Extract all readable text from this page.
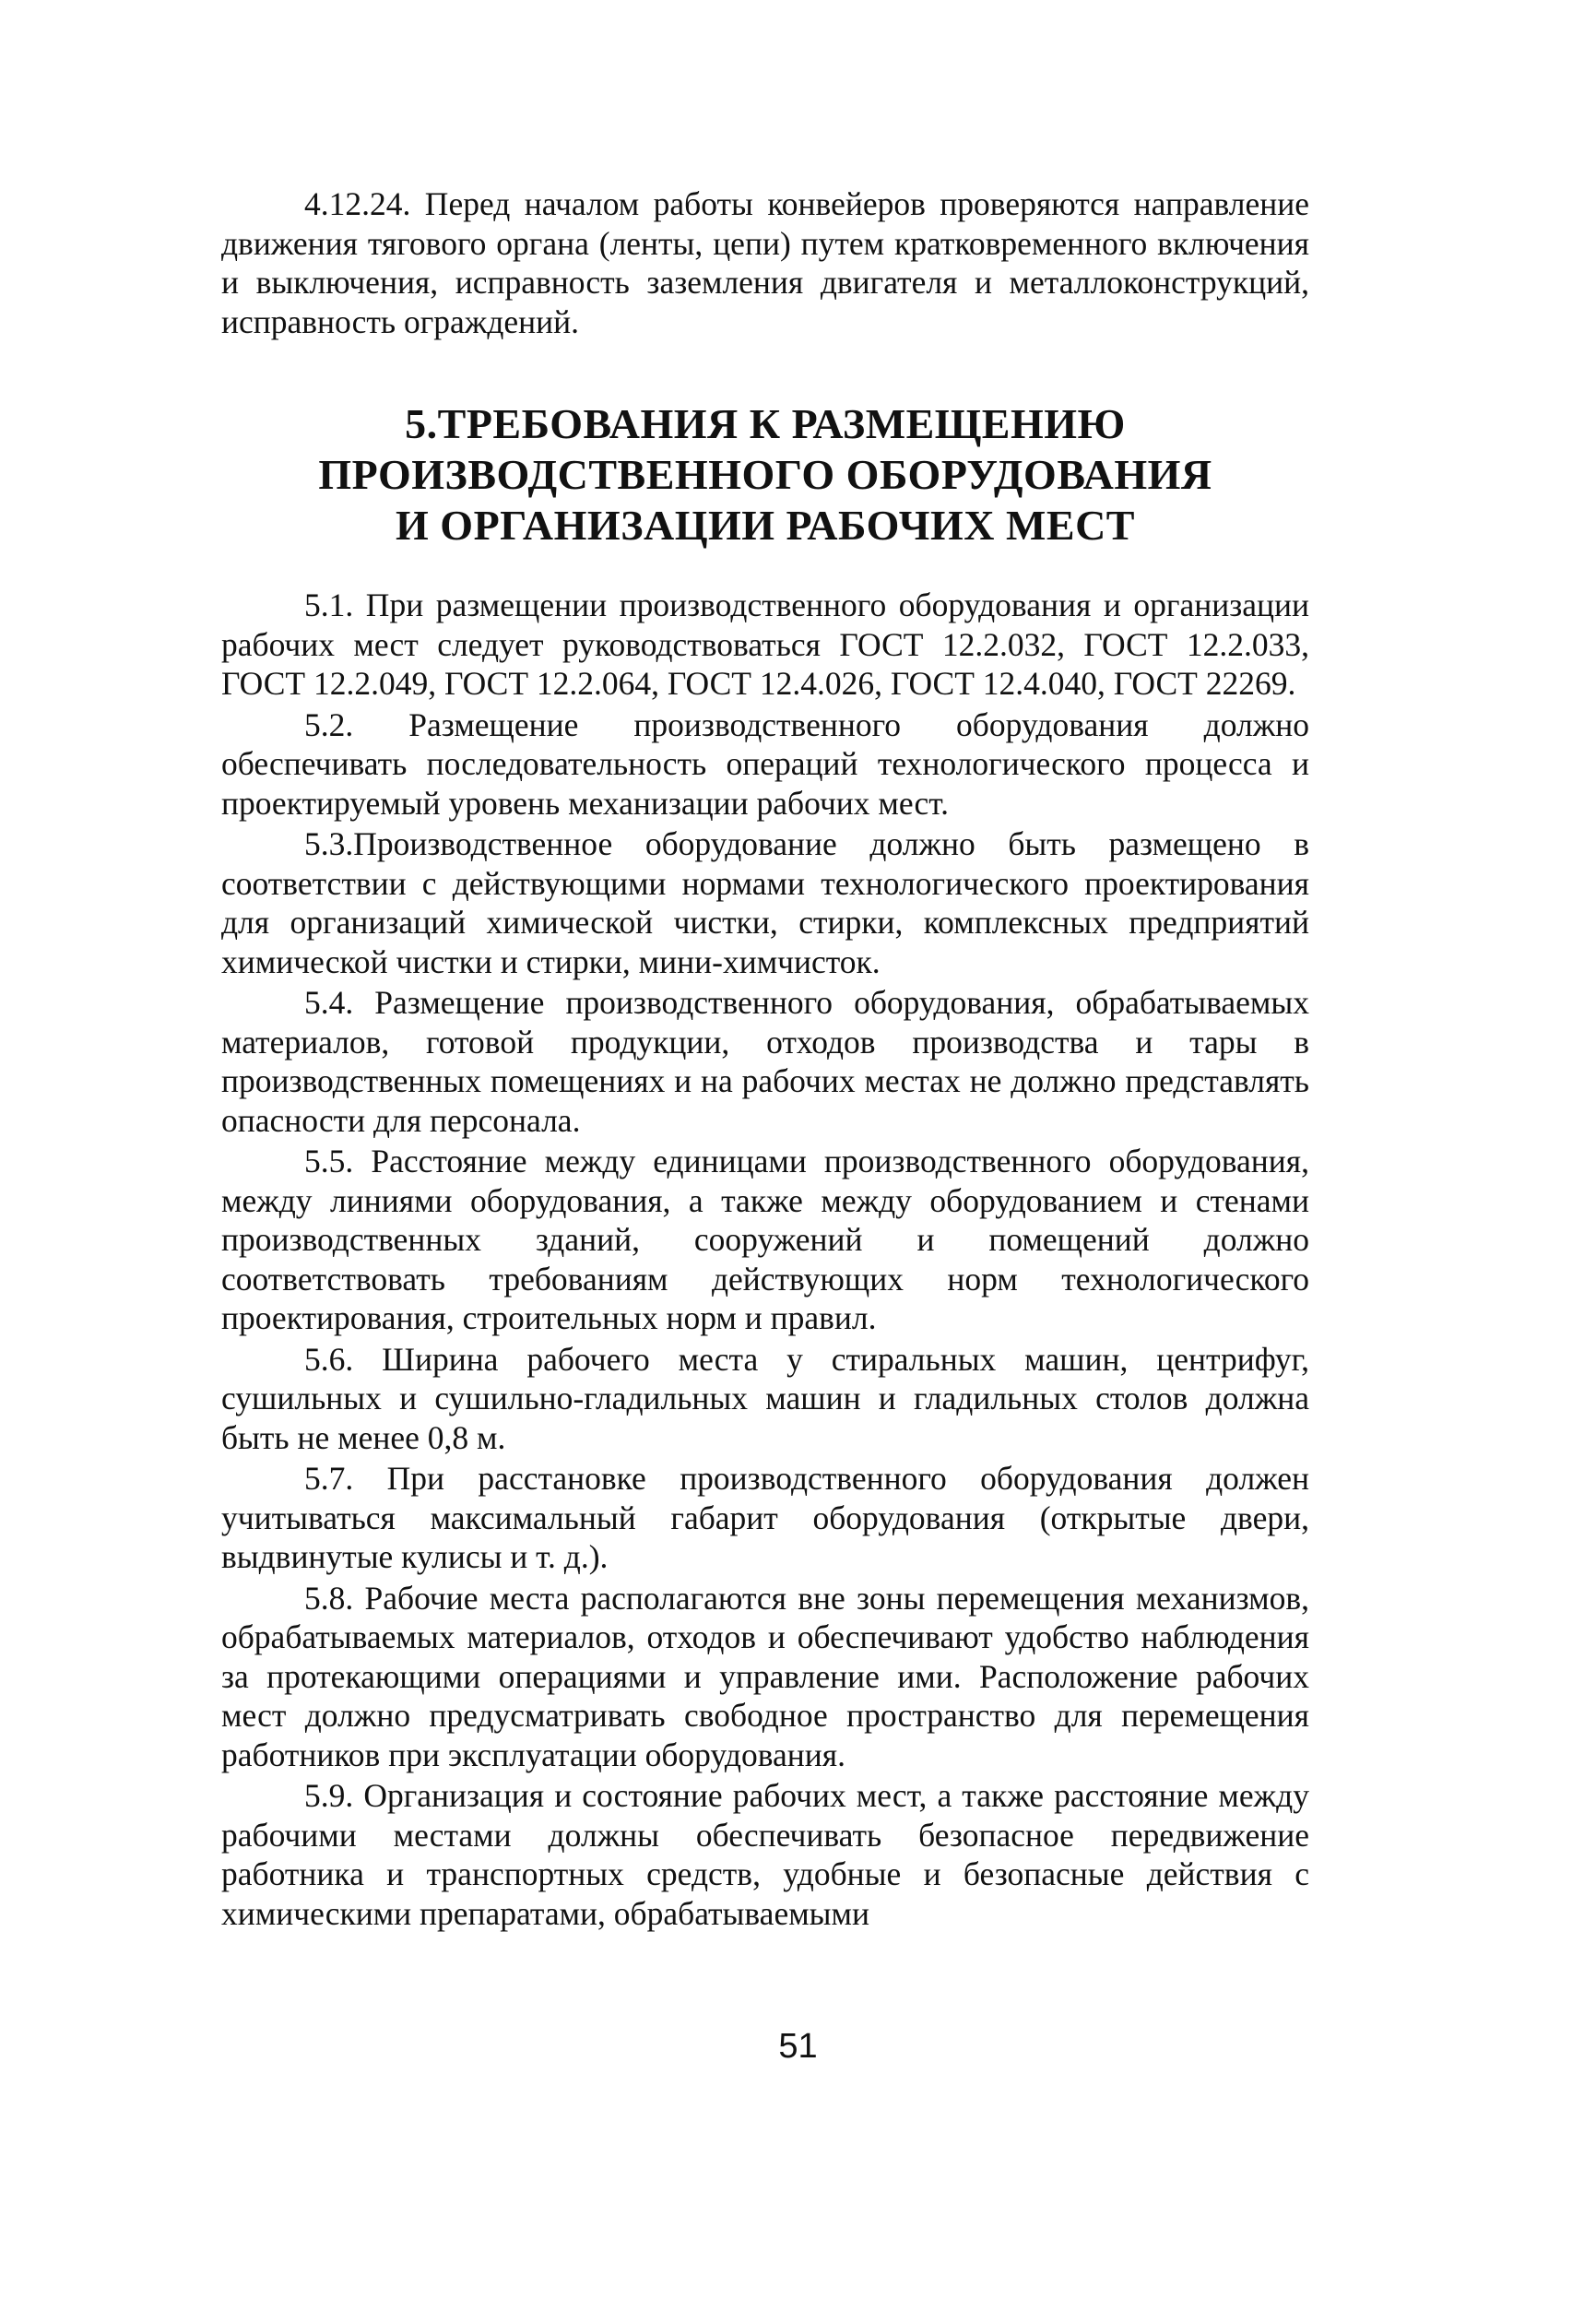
4.12.24. Перед началом работы конвейеров проверяются направление движения тягового органа (ленты, цепи) путем кратковременного включения и выключения, исправность заземления двигателя и металлоконструкций, исправность ограждений.

5.ТРЕБОВАНИЯ К РАЗМЕЩЕНИЮ
ПРОИЗВОДСТВЕННОГО ОБОРУДОВАНИЯ
И ОРГАНИЗАЦИИ РАБОЧИХ МЕСТ

5.1. При размещении производственного оборудования и организации рабочих мест следует руководствоваться ГОСТ 12.2.032, ГОСТ 12.2.033, ГОСТ 12.2.049, ГОСТ 12.2.064, ГОСТ 12.4.026, ГОСТ 12.4.040, ГОСТ 22269.

5.2. Размещение производственного оборудования должно обеспечивать последовательность операций технологического процесса и проектируемый уровень механизации рабочих мест.

5.3.Производственное оборудование должно быть размещено в соответствии с действующими нормами технологического проектирования для организаций химической чистки, стирки, комплексных предприятий химической чистки и стирки, мини-химчисток.

5.4. Размещение производственного оборудования, обрабатываемых материалов, готовой продукции, отходов производства и тары в производственных помещениях и на рабочих местах не должно представлять опасности для персонала.

5.5. Расстояние между единицами производственного оборудования, между линиями оборудования, а также между оборудованием и стенами производственных зданий, сооружений и помещений должно соответствовать требованиям действующих норм технологического проектирования, строительных норм и правил.

5.6. Ширина рабочего места у стиральных машин, центрифуг, сушильных и сушильно-гладильных машин и гладильных столов должна быть не менее 0,8 м.

5.7. При расстановке производственного оборудования должен учитываться максимальный габарит оборудования (открытые двери, выдвинутые кулисы и т. д.).

5.8. Рабочие места располагаются вне зоны перемещения механизмов, обрабатываемых материалов, отходов и обеспечивают удобство наблюдения за протекающими операциями и управление ими. Расположение рабочих мест должно предусматривать свободное пространство для перемещения работников при эксплуатации оборудования.

5.9. Организация и состояние рабочих мест, а также расстояние между рабочими местами должны обеспечивать безопасное передвижение работника и транспортных средств, удобные и безопасные действия с химическими препаратами, обрабатываемыми

51
